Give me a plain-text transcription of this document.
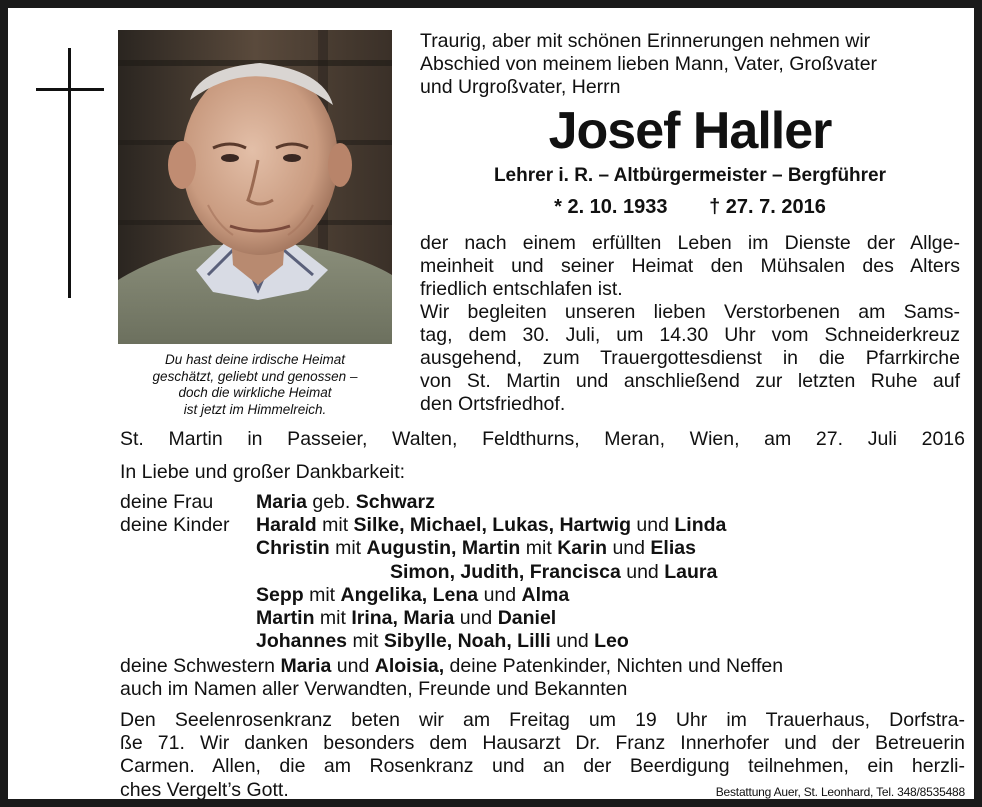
Du hast deine irdische Heimat
geschätzt, geliebt und genossen –
doch die wirkliche Heimat
ist jetzt im Himmelreich.
Traurig, aber mit schönen Erinnerungen nehmen wir
Abschied von meinem lieben Mann, Vater, Großvater
und Urgroßvater, Herrn
Josef Haller
Lehrer i. R. – Altbürgermeister – Bergführer
* 2. 10. 1933 † 27. 7. 2016
der nach einem erfüllten Leben im Dienste der Allge-
meinheit und seiner Heimat den Mühsalen des Alters
friedlich entschlafen ist.
Wir begleiten unseren lieben Verstorbenen am Sams-
tag, dem 30. Juli, um 14.30 Uhr vom Schneiderkreuz
ausgehend, zum Trauergottesdienst in die Pfarrkirche
von St. Martin und anschließend zur letzten Ruhe auf
den Ortsfriedhof.
St. Martin in Passeier, Walten, Feldthurns, Meran, Wien, am 27. Juli 2016
In Liebe und großer Dankbarkeit:
deine Frau Maria geb. Schwarz
deine Kinder Harald mit Silke, Michael, Lukas, Hartwig und Linda
Christin mit Augustin, Martin mit Karin und Elias
Simon, Judith, Francisca und Laura
Sepp mit Angelika, Lena und Alma
Martin mit Irina, Maria und Daniel
Johannes mit Sibylle, Noah, Lilli und Leo
deine Schwestern Maria und Aloisia, deine Patenkinder, Nichten und Neffen
auch im Namen aller Verwandten, Freunde und Bekannten
Den Seelenrosenkranz beten wir am Freitag um 19 Uhr im Trauerhaus, Dorfstra-
ße 71. Wir danken besonders dem Hausarzt Dr. Franz Innerhofer und der Betreuerin
Carmen. Allen, die am Rosenkranz und an der Beerdigung teilnehmen, ein herzli-
ches Vergelt’s Gott.	Bestattung Auer, St. Leonhard, Tel. 348/8535488
